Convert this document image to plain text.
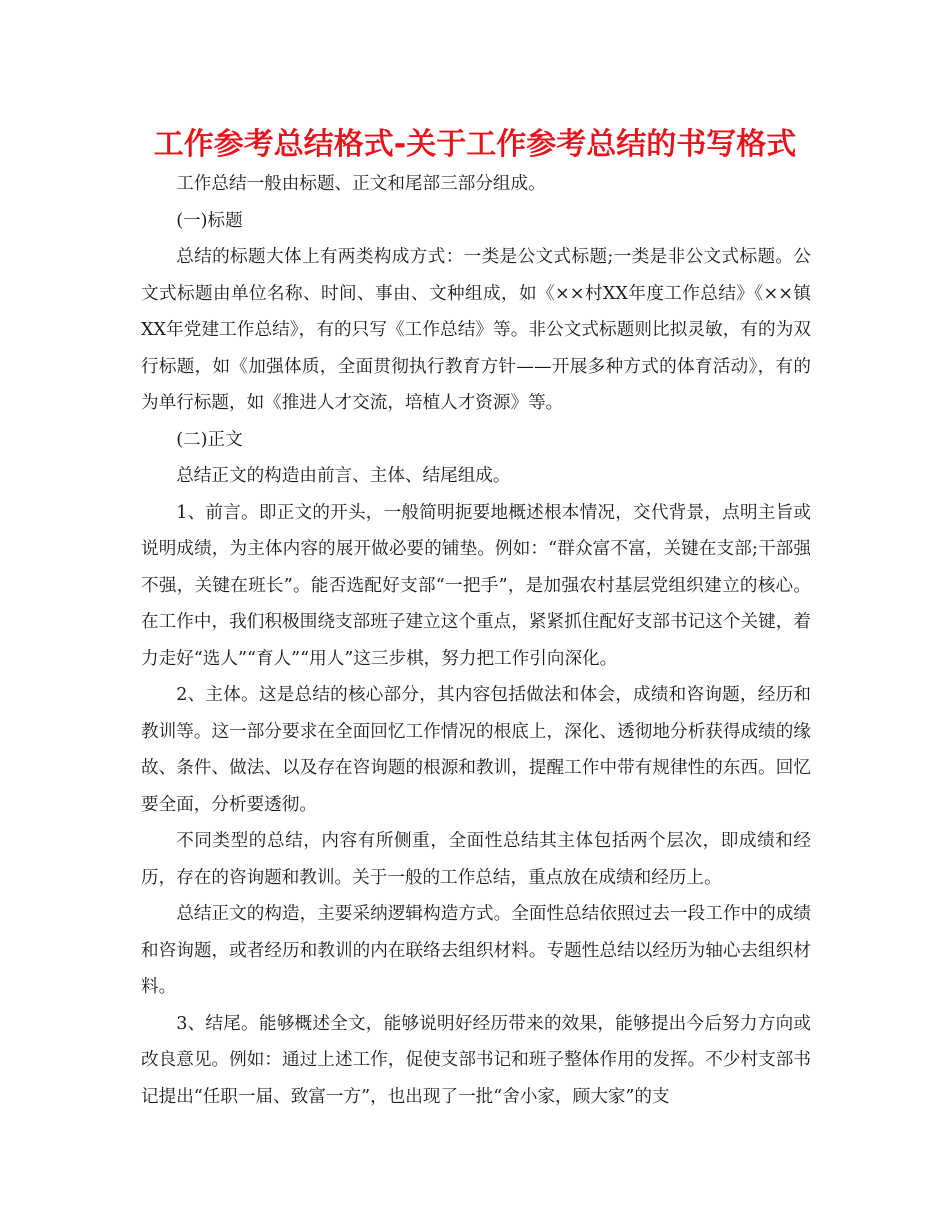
工作参考总结格式-关于工作参考总结的书写格式

工作总结一般由标题、正文和尾部三部分组成。

(一)标题

总结的标题大体上有两类构成方式：一类是公文式标题;一类是非公文式标题。公文式标题由单位名称、时间、事由、文种组成，如《××村XX年度工作总结》《××镇XX年党建工作总结》，有的只写《工作总结》等。非公文式标题则比拟灵敏，有的为双行标题，如《加强体质，全面贯彻执行教育方针——开展多种方式的体育活动》，有的为单行标题，如《推进人才交流，培植人才资源》等。

(二)正文

总结正文的构造由前言、主体、结尾组成。

1、前言。即正文的开头，一般简明扼要地概述根本情况，交代背景，点明主旨或说明成绩，为主体内容的展开做必要的铺垫。例如：“群众富不富，关键在支部;干部强不强，关键在班长”。能否选配好支部“一把手”，是加强农村基层党组织建立的核心。在工作中，我们积极围绕支部班子建立这个重点，紧紧抓住配好支部书记这个关键，着力走好“选人”“育人”“用人”这三步棋，努力把工作引向深化。

2、主体。这是总结的核心部分，其内容包括做法和体会，成绩和咨询题，经历和教训等。这一部分要求在全面回忆工作情况的根底上，深化、透彻地分析获得成绩的缘故、条件、做法、以及存在咨询题的根源和教训，提醒工作中带有规律性的东西。回忆要全面，分析要透彻。

不同类型的总结，内容有所侧重，全面性总结其主体包括两个层次，即成绩和经历，存在的咨询题和教训。关于一般的工作总结，重点放在成绩和经历上。

总结正文的构造，主要采纳逻辑构造方式。全面性总结依照过去一段工作中的成绩和咨询题，或者经历和教训的内在联络去组织材料。专题性总结以经历为轴心去组织材料。

3、结尾。能够概述全文，能够说明好经历带来的效果，能够提出今后努力方向或改良意见。例如：通过上述工作，促使支部书记和班子整体作用的发挥。不少村支部书记提出“任职一届、致富一方”，也出现了一批“舍小家，顾大家”的支
